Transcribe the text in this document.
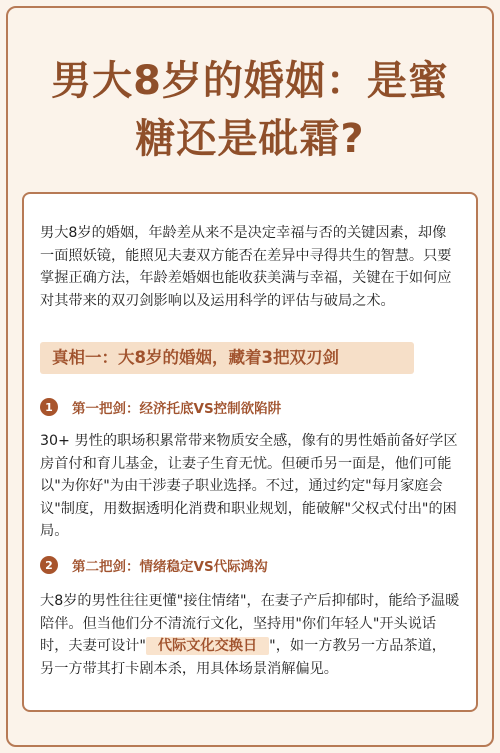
男大8岁的婚姻：是蜜
糖还是砒霜?
男大8岁的婚姻，年龄差从来不是决定幸福与否的关键因素，却像一面照妖镜，能照见夫妻双方能否在差异中寻得共生的智慧。只要掌握正确方法，年龄差婚姻也能收获美满与幸福，关键在于如何应对其带来的双刃剑影响以及运用科学的评估与破局之术。
真相一：大8岁的婚姻，藏着3把双刃剑
1	第一把剑：经济托底VS控制欲陷阱
30+ 男性的职场积累常带来物质安全感，像有的男性婚前备好学区房首付和育儿基金，让妻子生育无忧。但硬币另一面是，他们可能以"为你好"为由干涉妻子职业选择。不过，通过约定"每月家庭会议"制度，用数据透明化消费和职业规划，能破解"父权式付出"的困局。
2	第二把剑：情绪稳定VS代际鸿沟
大8岁的男性往往更懂"接住情绪"，在妻子产后抑郁时，能给予温暖陪伴。但当他们分不清流行文化，坚持用"你们年轻人"开头说话时，夫妻可设计" 代际文化交换日 "，如一方教另一方品茶道，另一方带其打卡剧本杀，用具体场景消解偏见。
